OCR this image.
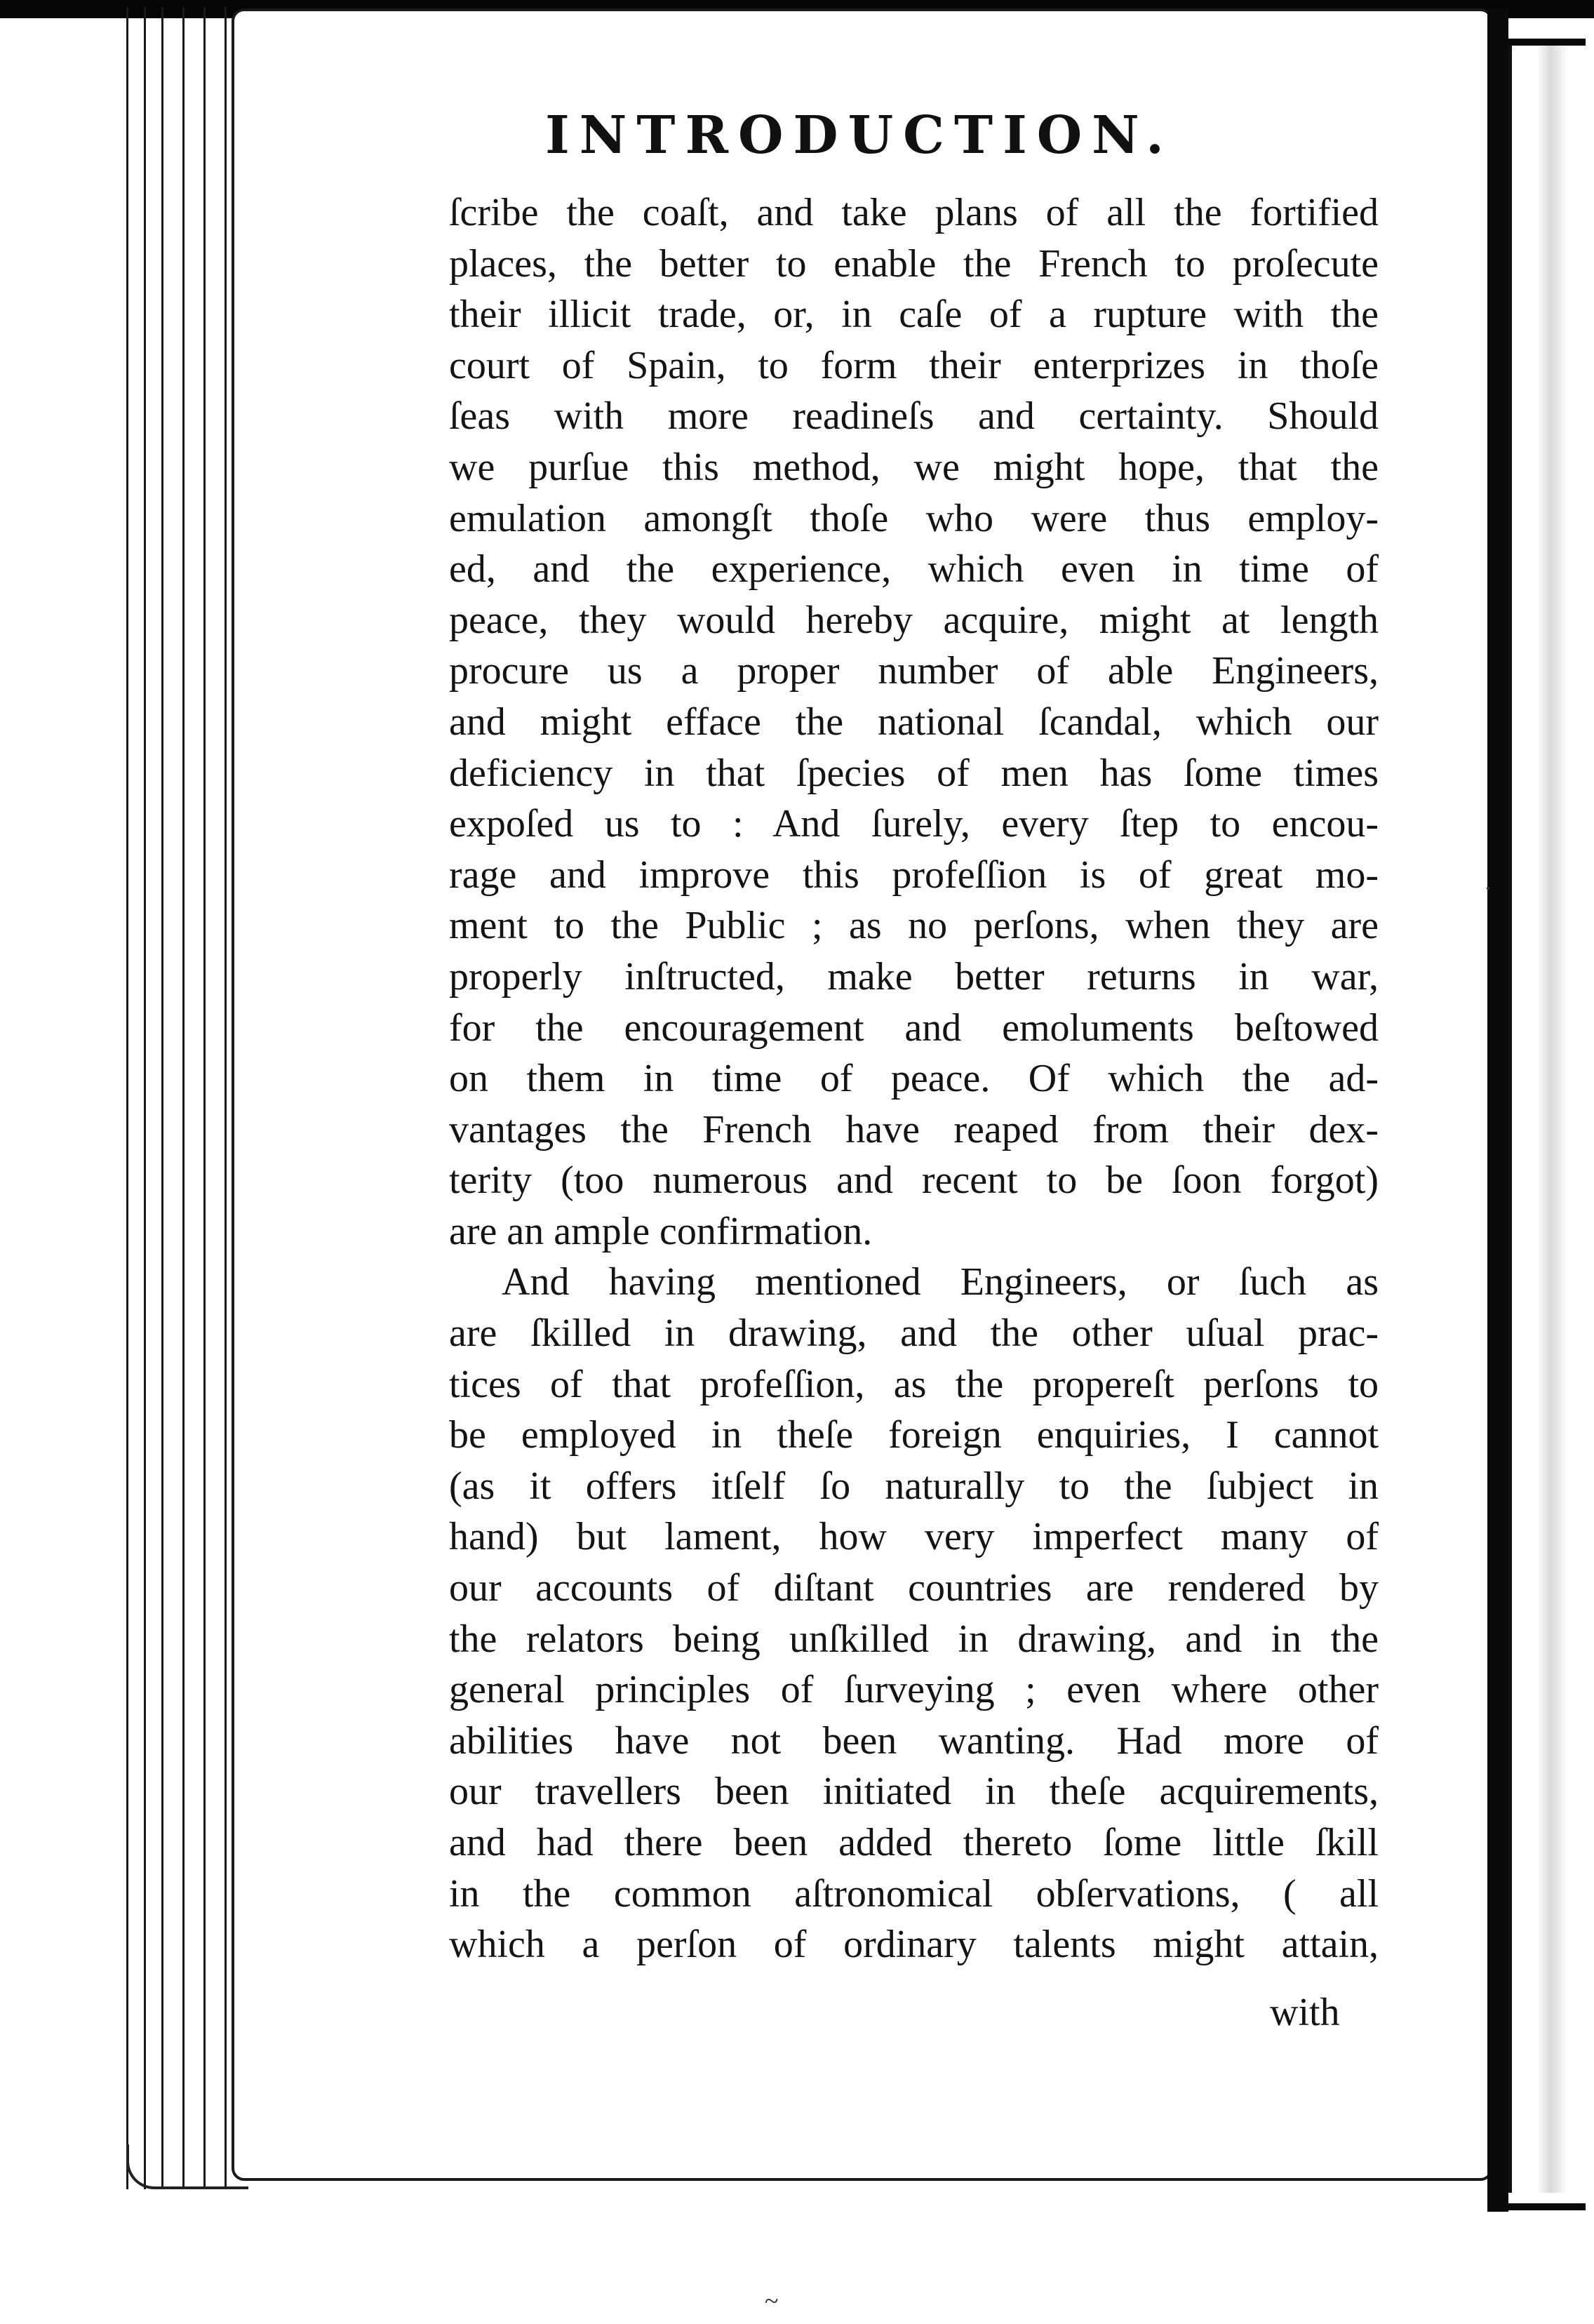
INTRODUCTION.
ſcribe the coaſt, and take plans of all the fortified
places, the better to enable the French to proſecute
their illicit trade, or, in caſe of a rupture with the
court of Spain, to form their enterprizes in thoſe
ſeas with more readineſs and certainty. Should
we purſue this method, we might hope, that the
emulation amongſt thoſe who were thus employ-
ed, and the experience, which even in time of
peace, they would hereby acquire, might at length
procure us a proper number of able Engineers,
and might efface the national ſcandal, which our
deficiency in that ſpecies of men has ſome times
expoſed us to : And ſurely, every ſtep to encou-
rage and improve this profeſſion is of great mo-
ment to the Public ; as no perſons, when they are
properly inſtructed, make better returns in war,
for the encouragement and emoluments beſtowed
on them in time of peace. Of which the ad-
vantages the French have reaped from their dex-
terity (too numerous and recent to be ſoon forgot)
are an ample confirmation.
And having mentioned Engineers, or ſuch as
are ſkilled in drawing, and the other uſual prac-
tices of that profeſſion, as the propereſt perſons to
be employed in theſe foreign enquiries, I cannot
(as it offers itſelf ſo naturally to the ſubject in
hand) but lament, how very imperfect many of
our accounts of diſtant countries are rendered by
the relators being unſkilled in drawing, and in the
general principles of ſurveying ; even where other
abilities have not been wanting. Had more of
our travellers been initiated in theſe acquirements,
and had there been added thereto ſome little ſkill
in the common aſtronomical obſervations, ( all
which a perſon of ordinary talents might attain,
with
·
~
